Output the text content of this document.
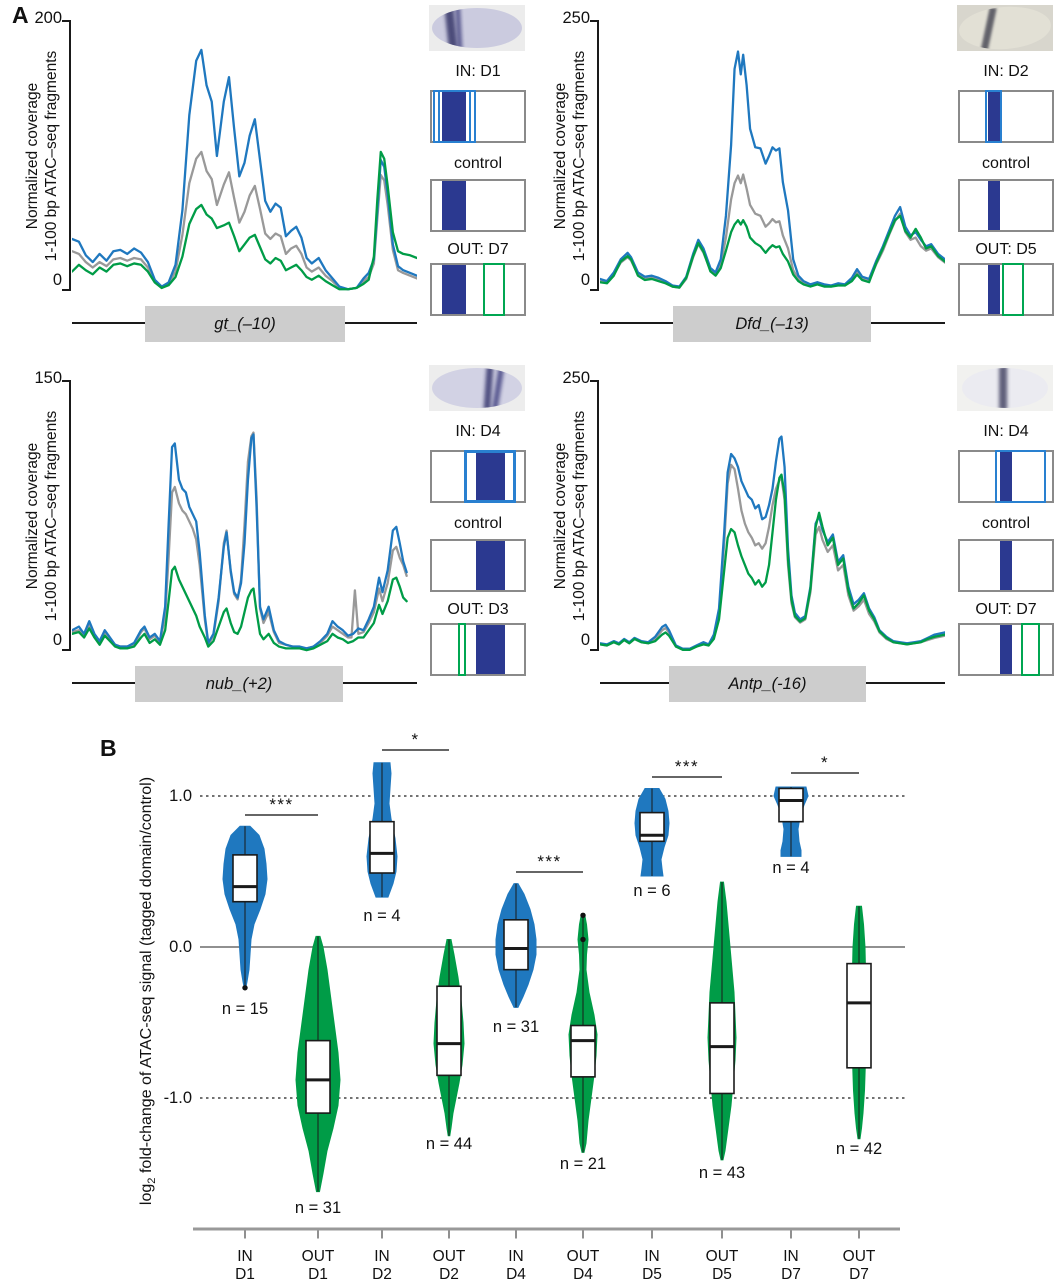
A 200
0
Normalized coverage 1-100 bp ATAC–seq fragments
gt_(–10)
IN: D1
control
OUT: D7
250
0
Normalized coverage 1-100 bp ATAC–seq fragments
Dfd_(–13)
IN: D2
control
OUT: D5
150
0
Normalized coverage 1-100 bp ATAC–seq fragments
nub_(+2)
IN: D4
control
OUT: D3
250
0
Normalized coverage 1-100 bp ATAC–seq fragments
Antp_(-16)
IN: D4
control
OUT: D7
B
$\log_2$ fold-change of ATAC-seq signal (tagged domain/control) 1.0
0.0
-1.0
n = 15
n = 31
n = 4
n = 44
n = 31
n = 21
n = 6
n = 43
n = 4
n = 42
***
*
***
***	*
IN
D1
OUT
D1
IN
D2
OUT
D2
IN
D4
OUT
D4
IN
D5
OUT
D5
IN
D7
OUT
D7
